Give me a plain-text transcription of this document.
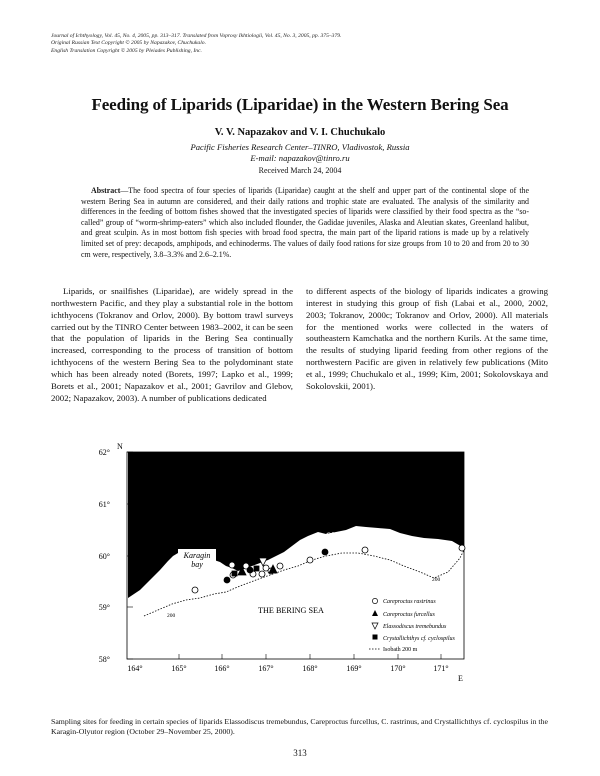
Journal of Ichthyology, Vol. 45, No. 4, 2005, pp. 313–317. Translated from Voprosy Ikhtiologii, Vol. 45, No. 3, 2005, pp. 375–379.
Original Russian Text Copyright © 2005 by Napazakov, Chuchukalo.
English Translation Copyright © 2005 by Pleiades Publishing, Inc.
Feeding of Liparids (Liparidae) in the Western Bering Sea
V. V. Napazakov and V. I. Chuchukalo
Pacific Fisheries Research Center–TINRO, Vladivostok, Russia
E-mail: napazakov@tinro.ru
Received March 24, 2004
Abstract—The food spectra of four species of liparids (Liparidae) caught at the shelf and upper part of the continental slope of the western Bering Sea in autumn are considered, and their daily rations and trophic state are evaluated. The analysis of the similarity and differences in the feeding of bottom fishes showed that the investigated species of liparids were classified by their food spectra as the “so-called” group of “worm-shrimp-eaters” which also included flounder, the Gadidae juveniles, Alaska and Aleutian skates, Greenland halibut, and great sculpin. As in most bottom fish species with broad food spectra, the main part of the liparid rations is made up by a relatively limited set of prey: decapods, amphipods, and echinoderms. The values of daily food rations for size groups from 10 to 20 and from 20 to 30 cm were, respectively, 3.8–3.3% and 2.6–2.1%.

Liparids, or snailfishes (Liparidae), are widely spread in the northwestern Pacific, and they play a substantial role in the bottom ichthyocens (Tokranov and Orlov, 2000). By bottom trawl surveys carried out by the TINRO Center between 1983–2002, it can be seen that the population of liparids in the Bering Sea continually increased, corresponding to the process of transition of bottom ichthyocens of the western Bering Sea to the polydominant state which has been already noted (Borets, 1997; Lapko et al., 1999; Borets et al., 2001; Napazakov et al., 2001; Gavrilov and Glebov, 2002; Napazakov, 2003). A number of publications dedicated

to different aspects of the biology of liparids indicates a growing interest in studying this group of fish (Labai et al., 2000, 2002, 2003; Tokranov, 2000c; Tokranov and Orlov, 2000). All materials for the mentioned works were collected in the waters of southeastern Kamchatka and the northern Kurils. At the same time, the results of studying liparid feeding from other regions of the northwestern Pacific are given in relatively few publications (Mito et al., 1999; Chuchukalo et al., 1999; Kim, 2001; Sokolovskaya and Sokolovskii, 2001).

N
62°
61°
60°
59°
58°
164°	165°	166°	167°	168°	169°	170°	171°
E
Karagin
bay
Olyutor
bay
THE BERING SEA
200
200
Careproctus rastrinus
Careproctus furcellus
Elassodiscus tremebundus
Crystallichthys cf. cyclospilus
Isobath 200 m
Sampling sites for feeding in certain species of liparids Elassodiscus tremebundus, Careproctus furcellus, C. rastrinus, and Crystallichthys cf. cyclospilus in the Karagin-Olyutor region (October 29–November 25, 2000).
313
